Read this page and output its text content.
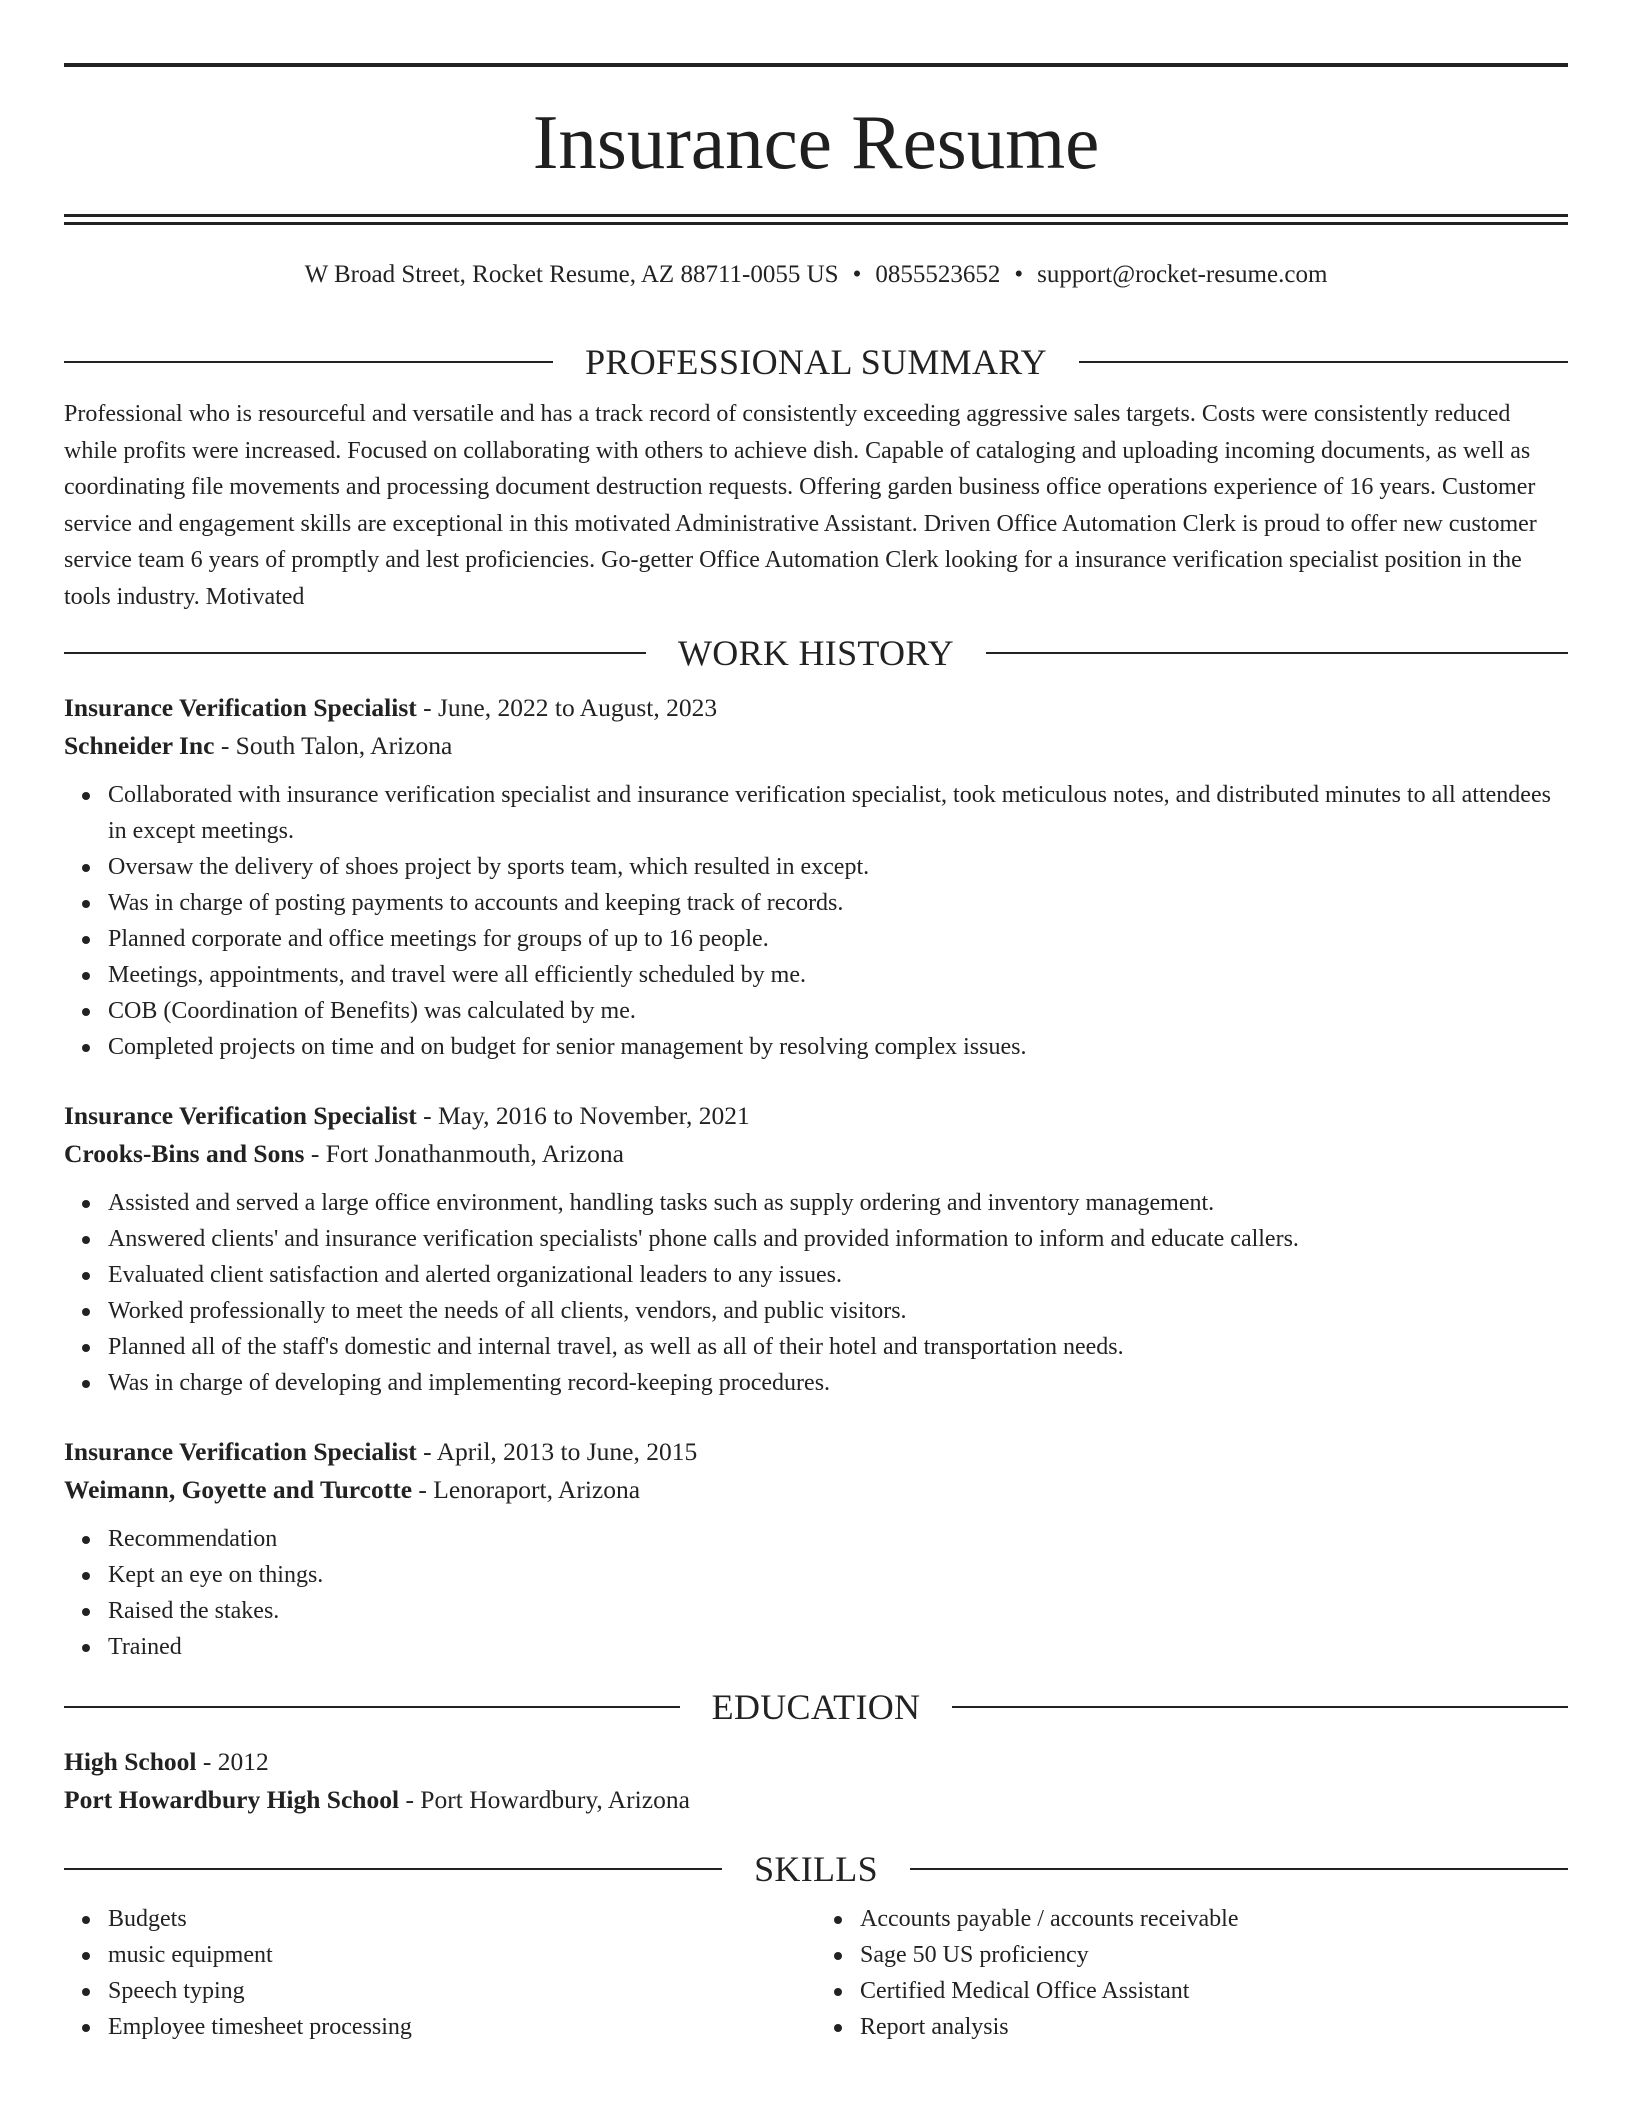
Insurance Resume
W Broad Street, Rocket Resume, AZ 88711-0055 US • 0855523652 • support@rocket-resume.com
PROFESSIONAL SUMMARY

Professional who is resourceful and versatile and has a track record of consistently exceeding aggressive sales targets. Costs were consistently reduced while profits were increased. Focused on collaborating with others to achieve dish. Capable of cataloging and uploading incoming documents, as well as coordinating file movements and processing document destruction requests. Offering garden business office operations experience of 16 years. Customer service and engagement skills are exceptional in this motivated Administrative Assistant. Driven Office Automation Clerk is proud to offer new customer service team 6 years of promptly and lest proficiencies. Go-getter Office Automation Clerk looking for a insurance verification specialist position in the tools industry. Motivated

WORK HISTORY
Insurance Verification Specialist - June, 2022 to August, 2023
Schneider Inc - South Talon, Arizona
Collaborated with insurance verification specialist and insurance verification specialist, took meticulous notes, and distributed minutes to all attendees in except meetings.
Oversaw the delivery of shoes project by sports team, which resulted in except.
Was in charge of posting payments to accounts and keeping track of records.
Planned corporate and office meetings for groups of up to 16 people.
Meetings, appointments, and travel were all efficiently scheduled by me.
COB (Coordination of Benefits) was calculated by me.
Completed projects on time and on budget for senior management by resolving complex issues.
Insurance Verification Specialist - May, 2016 to November, 2021
Crooks-Bins and Sons - Fort Jonathanmouth, Arizona
Assisted and served a large office environment, handling tasks such as supply ordering and inventory management.
Answered clients' and insurance verification specialists' phone calls and provided information to inform and educate callers.
Evaluated client satisfaction and alerted organizational leaders to any issues.
Worked professionally to meet the needs of all clients, vendors, and public visitors.
Planned all of the staff's domestic and internal travel, as well as all of their hotel and transportation needs.
Was in charge of developing and implementing record-keeping procedures.
Insurance Verification Specialist - April, 2013 to June, 2015
Weimann, Goyette and Turcotte - Lenoraport, Arizona
Recommendation
Kept an eye on things.
Raised the stakes.
Trained
EDUCATION
High School - 2012
Port Howardbury High School - Port Howardbury, Arizona
SKILLS
Budgets
music equipment
Speech typing
Employee timesheet processing
Accounts payable / accounts receivable
Sage 50 US proficiency
Certified Medical Office Assistant
Report analysis
